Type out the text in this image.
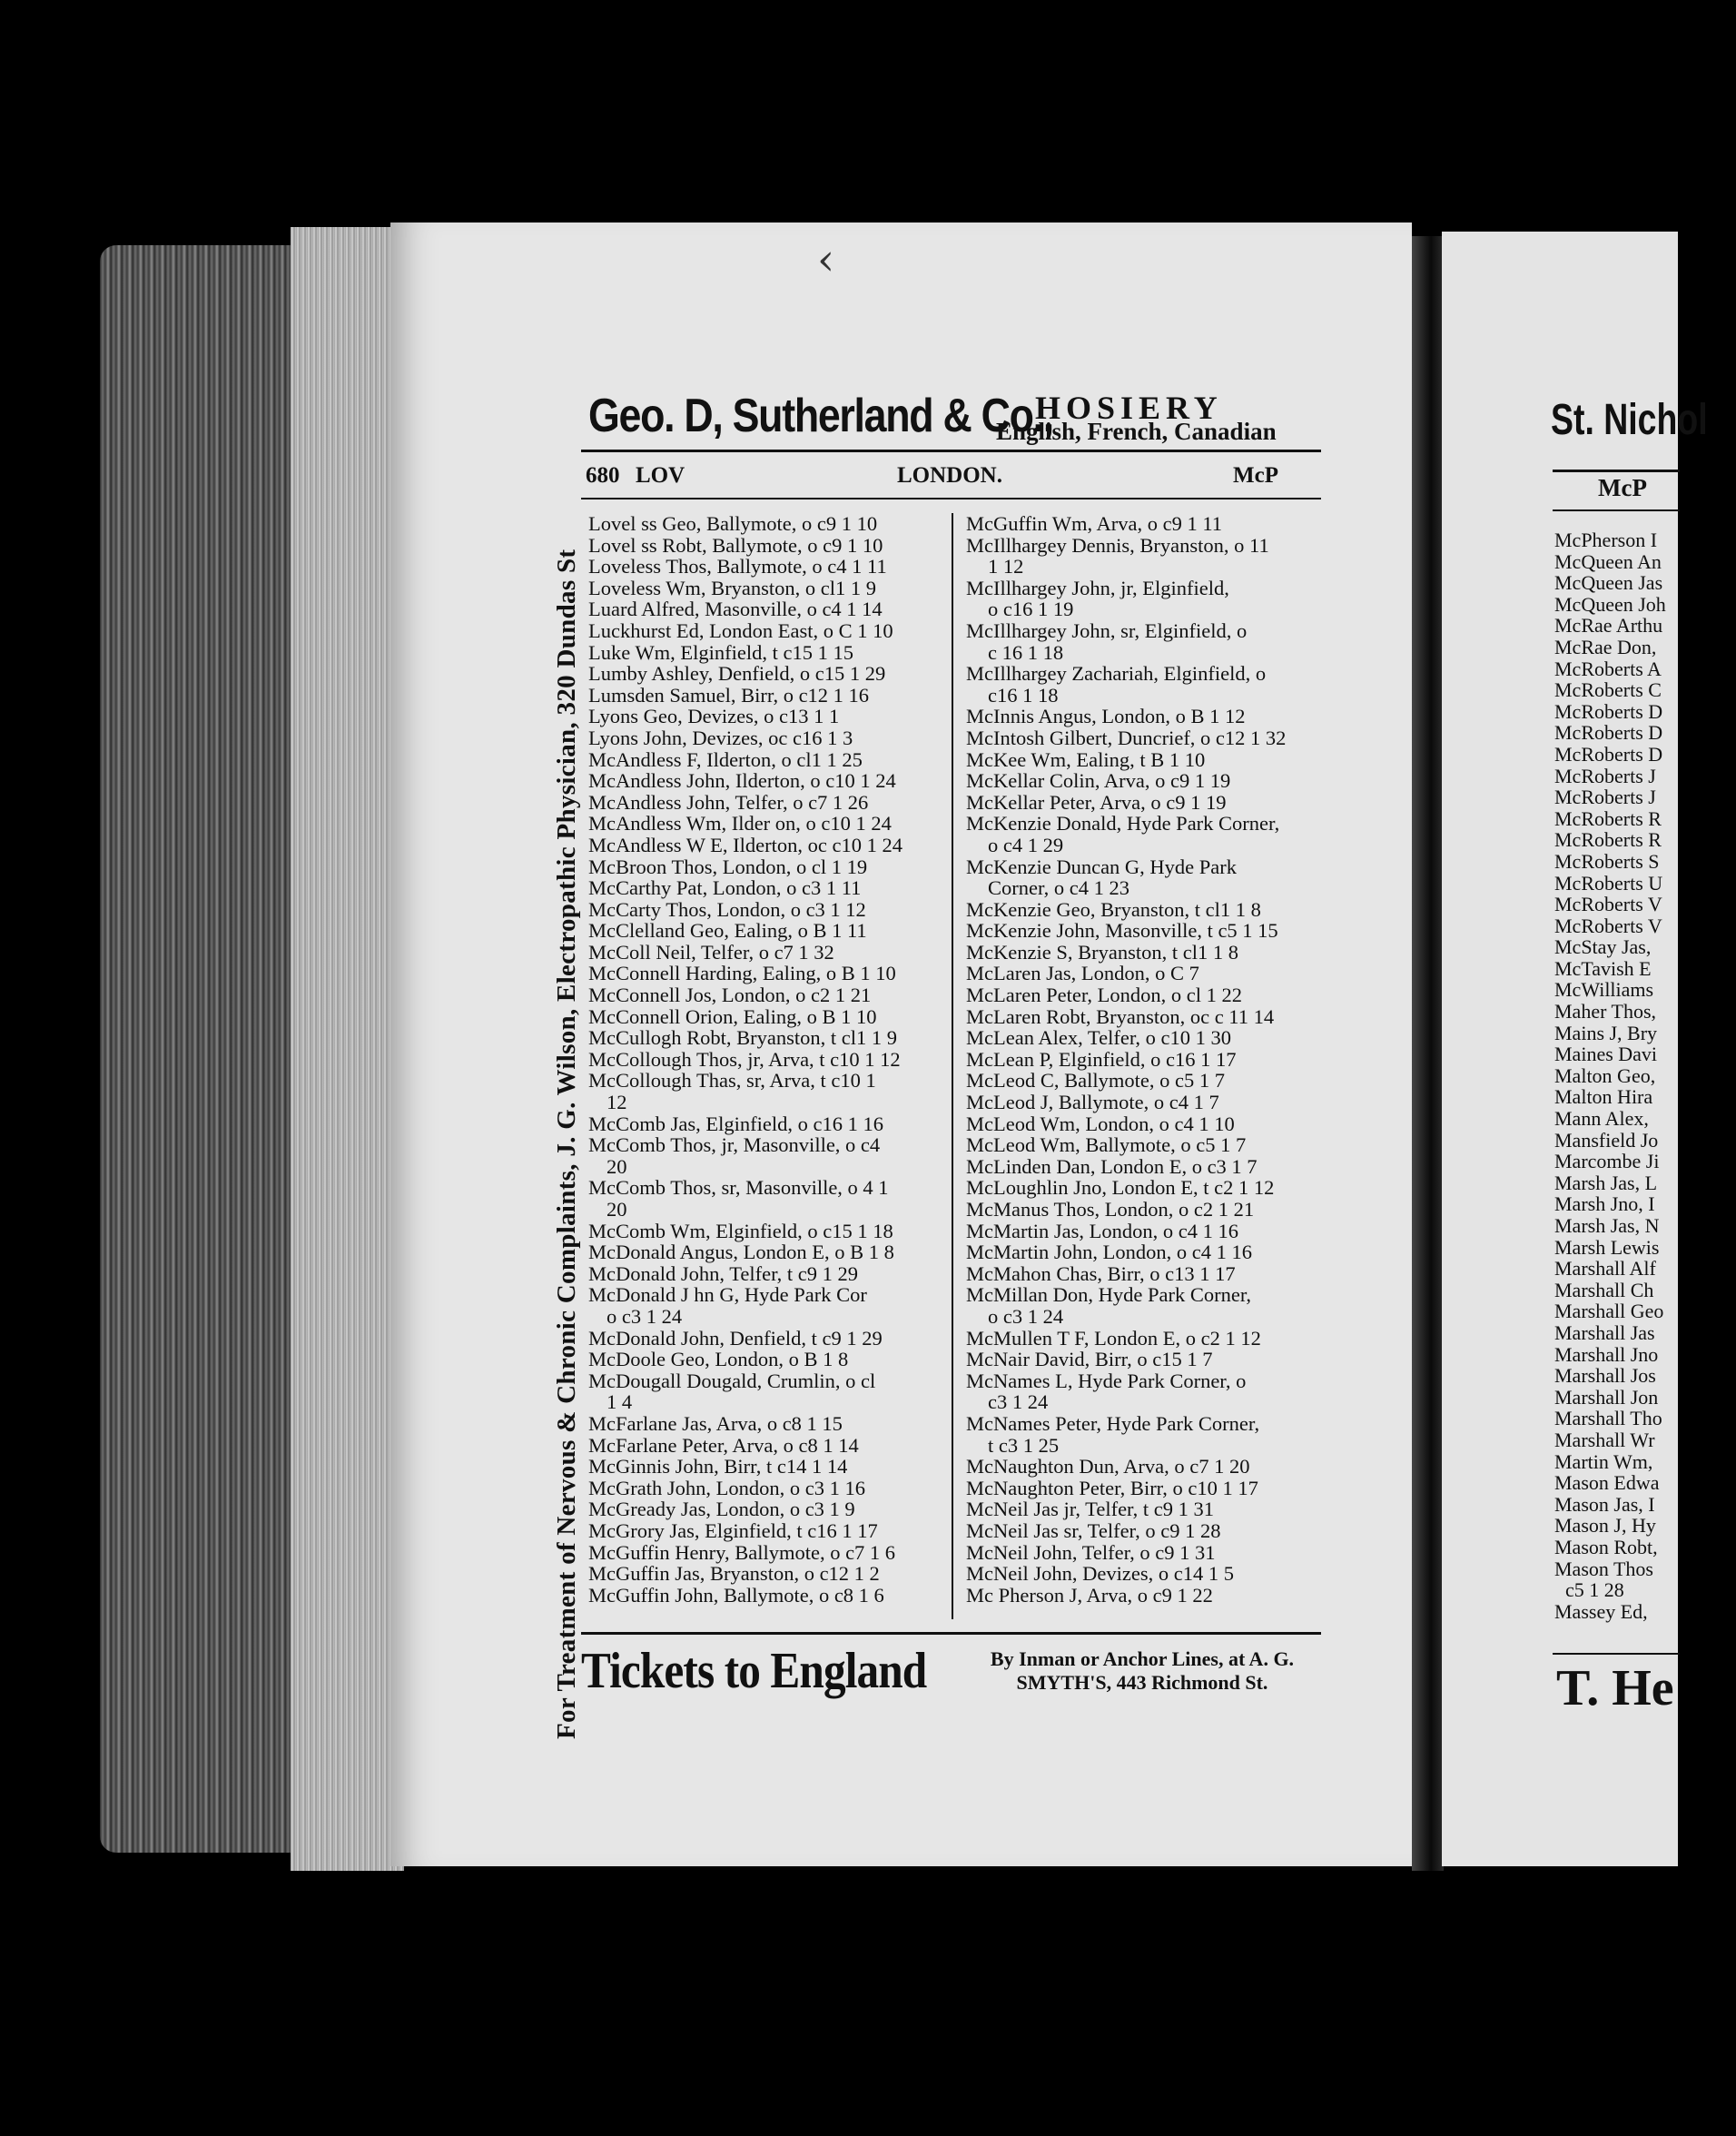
‹
St. Nichol
McP
McPherson I
McQueen An
McQueen Jas
McQueen Joh
McRae Arthu
McRae Don,
McRoberts A
McRoberts C
McRoberts D
McRoberts D
McRoberts D
McRoberts J
McRoberts J
McRoberts R
McRoberts R
McRoberts S
McRoberts U
McRoberts V
McRoberts V
McStay Jas,
McTavish E
McWilliams
Maher Thos,
Mains J, Bry
Maines Davi
Malton Geo,
Malton Hira
Mann Alex,
Mansfield Jo
Marcombe Ji
Marsh Jas, L
Marsh Jno, I
Marsh Jas, N
Marsh Lewis
Marshall Alf
Marshall Ch
Marshall Geo
Marshall Jas
Marshall Jno
Marshall Jos
Marshall Jon
Marshall Tho
Marshall Wr
Martin Wm,
Mason Edwa
Mason Jas, I
Mason J, Hy
Mason Robt,
Mason Thos
c5 1 28
Massey Ed,
T. He
For Treatment of Nervous & Chronic Complaints, J. G. Wilson, Electropathic Physician, 320 Dundas St
Geo. D, Sutherland & Co.,
HOSIERY
English, French, Canadian
680 LOV	LONDON.	McP
Lovel ss Geo, Ballymote, o c9 1 10
Lovel ss Robt, Ballymote, o c9 1 10
Loveless Thos, Ballymote, o c4 1 11
Loveless Wm, Bryanston, o cl1 1 9
Luard Alfred, Masonville, o c4 1 14
Luckhurst Ed, London East, o C 1 10
Luke Wm, Elginfield, t c15 1 15
Lumby Ashley, Denfield, o c15 1 29
Lumsden Samuel, Birr, o c12 1 16
Lyons Geo, Devizes, o c13 1 1
Lyons John, Devizes, oc c16 1 3
McAndless F, Ilderton, o cl1 1 25
McAndless John, Ilderton, o c10 1 24
McAndless John, Telfer, o c7 1 26
McAndless Wm, Ilder on, o c10 1 24
McAndless W E, Ilderton, oc c10 1 24
McBroon Thos, London, o cl 1 19
McCarthy Pat, London, o c3 1 11
McCarty Thos, London, o c3 1 12
McClelland Geo, Ealing, o B 1 11
McColl Neil, Telfer, o c7 1 32
McConnell Harding, Ealing, o B 1 10
McConnell Jos, London, o c2 1 21
McConnell Orion, Ealing, o B 1 10
McCullogh Robt, Bryanston, t cl1 1 9
McCollough Thos, jr, Arva, t c10 1 12
McCollough Thas, sr, Arva, t c10 1
12
McComb Jas, Elginfield, o c16 1 16
McComb Thos, jr, Masonville, o c4
20
McComb Thos, sr, Masonville, o 4 1
20
McComb Wm, Elginfield, o c15 1 18
McDonald Angus, London E, o B 1 8
McDonald John, Telfer, t c9 1 29
McDonald J hn G, Hyde Park Cor
o c3 1 24
McDonald John, Denfield, t c9 1 29
McDoole Geo, London, o B 1 8
McDougall Dougald, Crumlin, o cl
1 4
McFarlane Jas, Arva, o c8 1 15
McFarlane Peter, Arva, o c8 1 14
McGinnis John, Birr, t c14 1 14
McGrath John, London, o c3 1 16
McGready Jas, London, o c3 1 9
McGrory Jas, Elginfield, t c16 1 17
McGuffin Henry, Ballymote, o c7 1 6
McGuffin Jas, Bryanston, o c12 1 2
McGuffin John, Ballymote, o c8 1 6
McGuffin Wm, Arva, o c9 1 11
McIllhargey Dennis, Bryanston, o 11
1 12
McIllhargey John, jr, Elginfield,
o c16 1 19
McIllhargey John, sr, Elginfield, o
c 16 1 18
McIllhargey Zachariah, Elginfield, o
c16 1 18
McInnis Angus, London, o B 1 12
McIntosh Gilbert, Duncrief, o c12 1 32
McKee Wm, Ealing, t B 1 10
McKellar Colin, Arva, o c9 1 19
McKellar Peter, Arva, o c9 1 19
McKenzie Donald, Hyde Park Corner,
o c4 1 29
McKenzie Duncan G, Hyde Park
Corner, o c4 1 23
McKenzie Geo, Bryanston, t cl1 1 8
McKenzie John, Masonville, t c5 1 15
McKenzie S, Bryanston, t cl1 1 8
McLaren Jas, London, o C 7
McLaren Peter, London, o cl 1 22
McLaren Robt, Bryanston, oc c 11 14
McLean Alex, Telfer, o c10 1 30
McLean P, Elginfield, o c16 1 17
McLeod C, Ballymote, o c5 1 7
McLeod J, Ballymote, o c4 1 7
McLeod Wm, London, o c4 1 10
McLeod Wm, Ballymote, o c5 1 7
McLinden Dan, London E, o c3 1 7
McLoughlin Jno, London E, t c2 1 12
McManus Thos, London, o c2 1 21
McMartin Jas, London, o c4 1 16
McMartin John, London, o c4 1 16
McMahon Chas, Birr, o c13 1 17
McMillan Don, Hyde Park Corner,
o c3 1 24
McMullen T F, London E, o c2 1 12
McNair David, Birr, o c15 1 7
McNames L, Hyde Park Corner, o
c3 1 24
McNames Peter, Hyde Park Corner,
t c3 1 25
McNaughton Dun, Arva, o c7 1 20
McNaughton Peter, Birr, o c10 1 17
McNeil Jas jr, Telfer, t c9 1 31
McNeil Jas sr, Telfer, o c9 1 28
McNeil John, Telfer, o c9 1 31
McNeil John, Devizes, o c14 1 5
Mc Pherson J, Arva, o c9 1 22
Tickets to England	By Inman or Anchor Lines, at A. G.
SMYTH'S, 443 Richmond St.
